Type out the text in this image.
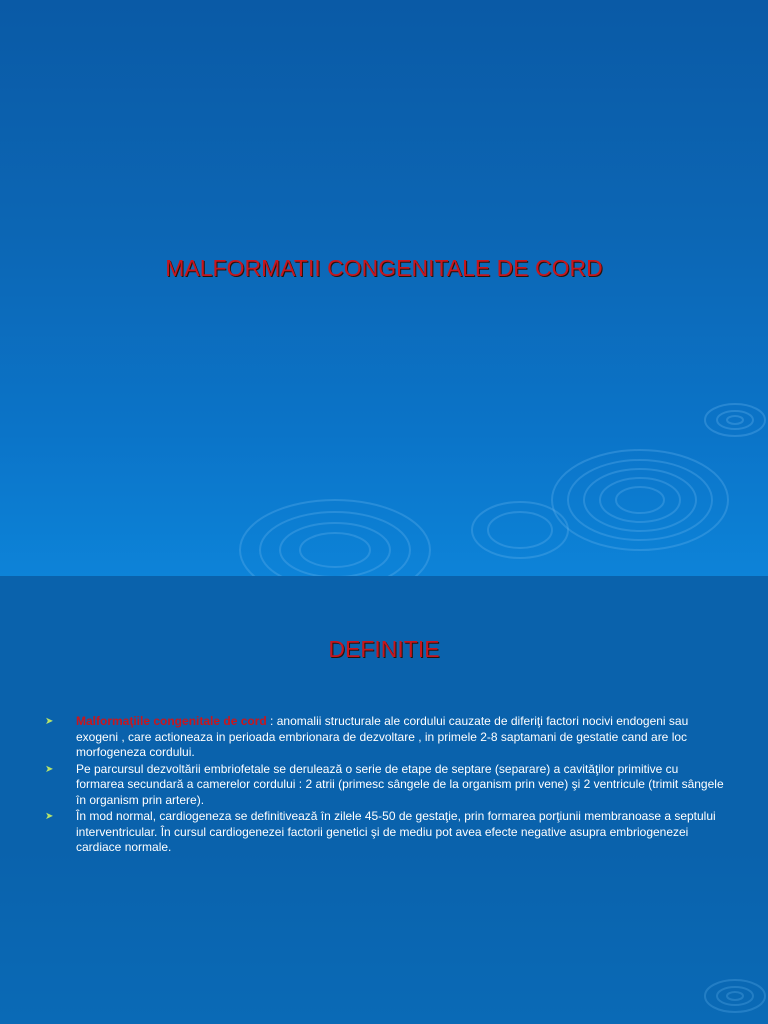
MALFORMATII CONGENITALE DE CORD
DEFINITIE
➤ Malformaţiile congenitale de cord : anomalii structurale ale cordului cauzate de diferiţi factori nocivi endogeni sau exogeni , care actioneaza in perioada embrionara de dezvoltare , in primele 2-8 saptamani de gestatie cand are loc morfogeneza cordului.
➤ Pe parcursul dezvoltării embriofetale se derulează o serie de etape de septare (separare) a cavităţilor primitive cu formarea secundară a camerelor cordului : 2 atrii (primesc sângele de la organism prin vene) şi 2 ventricule (trimit sângele în organism prin artere).
➤ În mod normal, cardiogeneza se definitivează în zilele 45-50 de gestaţie, prin formarea porţiunii membranoase a septului interventricular. În cursul cardiogenezei factorii genetici şi de mediu pot avea efecte negative asupra embriogenezei cardiace normale.
